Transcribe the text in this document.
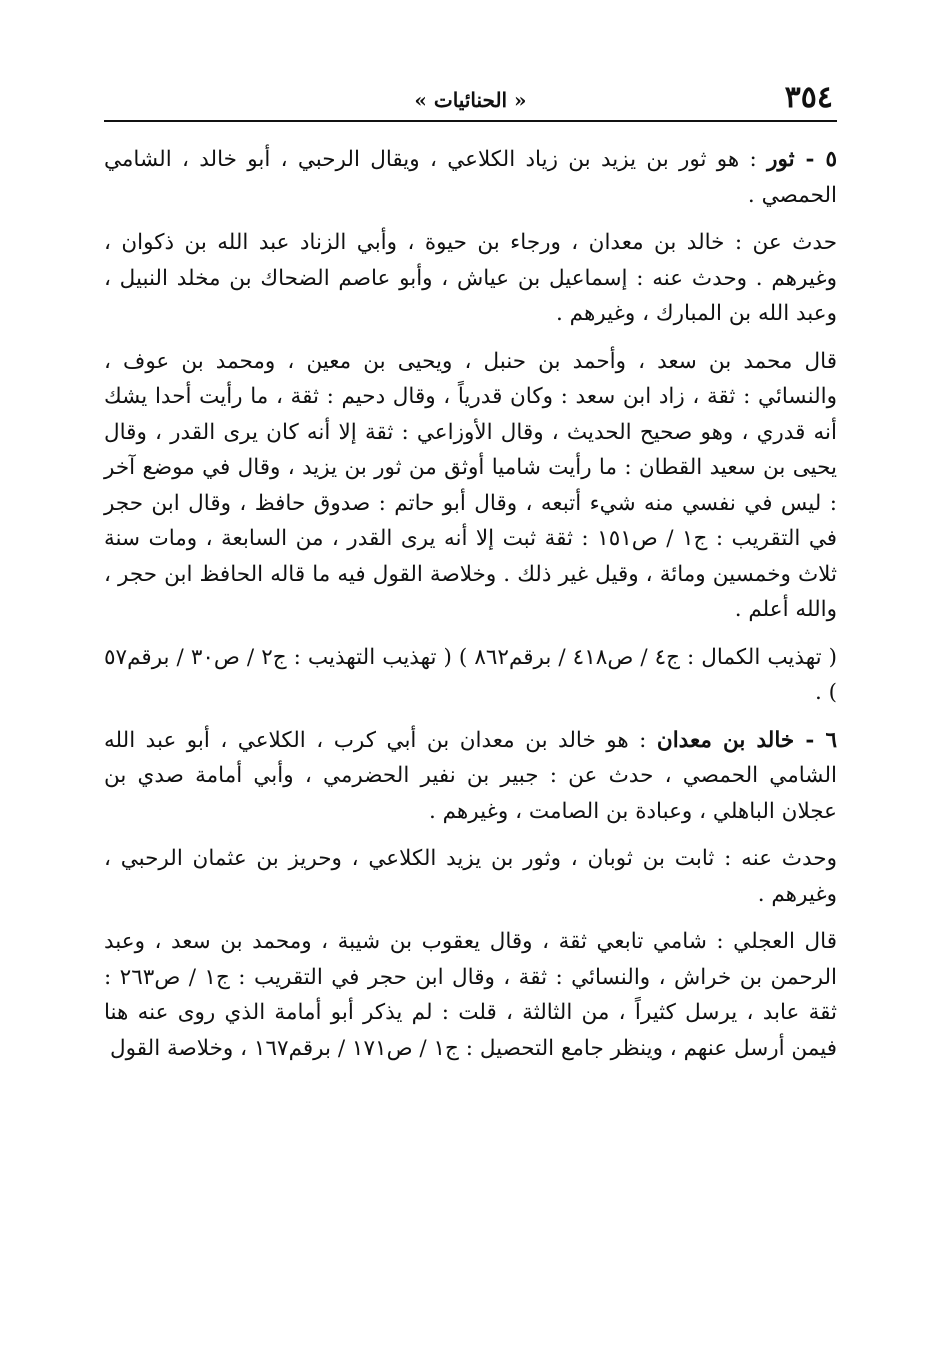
٣٥٤
« الحنائيات »

٥ - ثور : هو ثور بن يزيد بن زياد الكلاعي ، ويقال الرحبي ، أبو خالد ، الشامي الحمصي .

حدث عن : خالد بن معدان ، ورجاء بن حيوة ، وأبي الزناد عبد الله بن ذكوان ، وغيرهم . وحدث عنه : إسماعيل بن عياش ، وأبو عاصم الضحاك بن مخلد النبيل ، وعبد الله بن المبارك ، وغيرهم .

قال محمد بن سعد ، وأحمد بن حنبل ، ويحيى بن معين ، ومحمد بن عوف ، والنسائي : ثقة ، زاد ابن سعد : وكان قدرياً ، وقال دحيم : ثقة ، ما رأيت أحدا يشك أنه قدري ، وهو صحيح الحديث ، وقال الأوزاعي : ثقة إلا أنه كان يرى القدر ، وقال يحيى بن سعيد القطان : ما رأيت شاميا أوثق من ثور بن يزيد ، وقال في موضع آخر : ليس في نفسي منه شيء أتبعه ، وقال أبو حاتم : صدوق حافظ ، وقال ابن حجر في التقريب : ج١ / ص١٥١ : ثقة ثبت إلا أنه يرى القدر ، من السابعة ، ومات سنة ثلاث وخمسين ومائة ، وقيل غير ذلك . وخلاصة القول فيه ما قاله الحافظ ابن حجر ، والله أعلم .

( تهذيب الكمال : ج٤ / ص٤١٨ / برقم٨٦٢ ) ( تهذيب التهذيب : ج٢ / ص٣٠ / برقم٥٧ ) .

٦ - خالد بن معدان : هو خالد بن معدان بن أبي كرب ، الكلاعي ، أبو عبد الله الشامي الحمصي ، حدث عن : جبير بن نفير الحضرمي ، وأبي أمامة صدي بن عجلان الباهلي ، وعبادة بن الصامت ، وغيرهم .

وحدث عنه : ثابت بن ثوبان ، وثور بن يزيد الكلاعي ، وحريز بن عثمان الرحبي ، وغيرهم .

قال العجلي : شامي تابعي ثقة ، وقال يعقوب بن شيبة ، ومحمد بن سعد ، وعبد الرحمن بن خراش ، والنسائي : ثقة ، وقال ابن حجر في التقريب : ج١ / ص٢٦٣ : ثقة عابد ، يرسل كثيراً ، من الثالثة ، قلت : لم يذكر أبو أمامة الذي روى عنه هنا فيمن أرسل عنهم ، وينظر جامع التحصيل : ج١ / ص١٧١ / برقم١٦٧ ، وخلاصة القول
